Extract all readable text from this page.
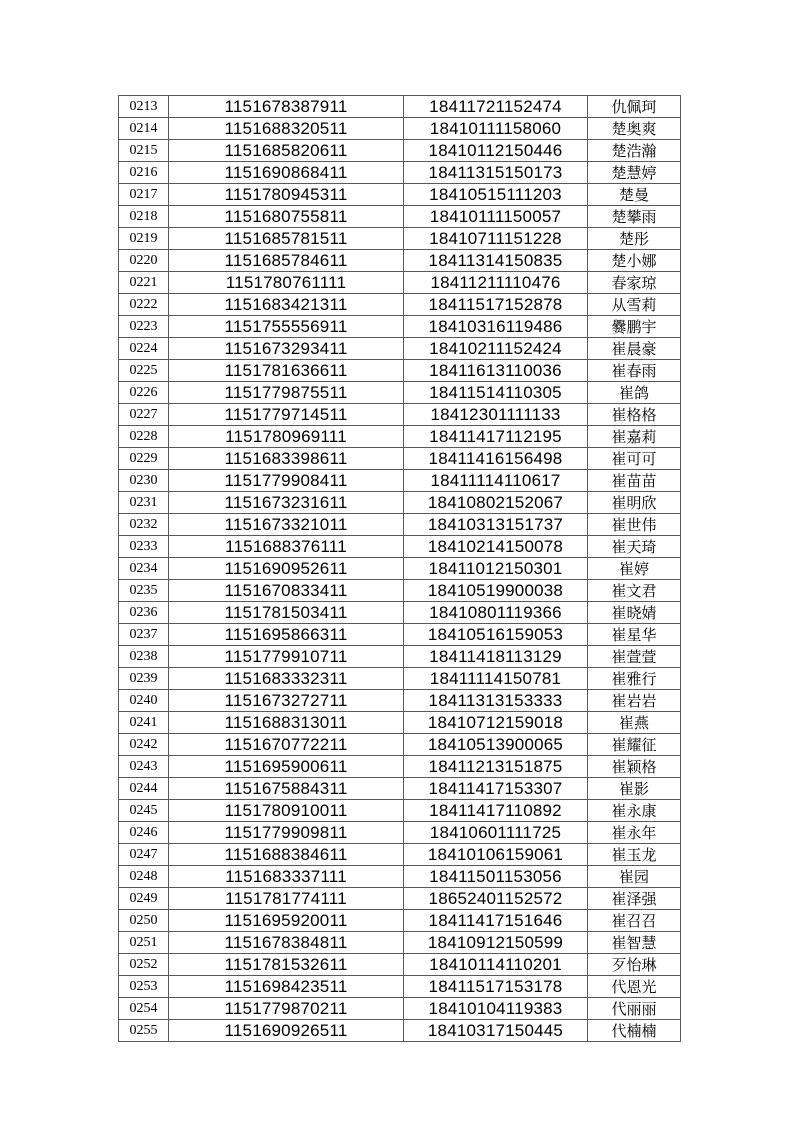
0213	1151678387911	18411721152474	仇佩珂
0214	1151688320511	18410111158060	楚奥爽
0215	1151685820611	18410112150446	楚浩瀚
0216	1151690868411	18411315150173	楚慧婷
0217	1151780945311	18410515111203	楚曼
0218	1151680755811	18410111150057	楚攀雨
0219	1151685781511	18410711151228	楚彤
0220	1151685784611	18411314150835	楚小娜
0221	1151780761111	18411211110476	春家琼
0222	1151683421311	18411517152878	从雪莉
0223	1151755556911	18410316119486	爨鹏宇
0224	1151673293411	18410211152424	崔晨豪
0225	1151781636611	18411613110036	崔春雨
0226	1151779875511	18411514110305	崔鸽
0227	1151779714511	18412301111133	崔格格
0228	1151780969111	18411417112195	崔嘉莉
0229	1151683398611	18411416156498	崔可可
0230	1151779908411	18411114110617	崔苗苗
0231	1151673231611	18410802152067	崔明欣
0232	1151673321011	18410313151737	崔世伟
0233	1151688376111	18410214150078	崔天琦
0234	1151690952611	18411012150301	崔婷
0235	1151670833411	18410519900038	崔文君
0236	1151781503411	18410801119366	崔晓婧
0237	1151695866311	18410516159053	崔星华
0238	1151779910711	18411418113129	崔萱萱
0239	1151683332311	18411114150781	崔雅行
0240	1151673272711	18411313153333	崔岩岩
0241	1151688313011	18410712159018	崔燕
0242	1151670772211	18410513900065	崔耀征
0243	1151695900611	18411213151875	崔颖格
0244	1151675884311	18411417153307	崔影
0245	1151780910011	18411417110892	崔永康
0246	1151779909811	18410601111725	崔永年
0247	1151688384611	18410106159061	崔玉龙
0248	1151683337111	18411501153056	崔园
0249	1151781774111	18652401152572	崔泽强
0250	1151695920011	18411417151646	崔召召
0251	1151678384811	18410912150599	崔智慧
0252	1151781532611	18410114110201	歹怡琳
0253	1151698423511	18411517153178	代恩光
0254	1151779870211	18410104119383	代丽丽
0255	1151690926511	18410317150445	代楠楠
